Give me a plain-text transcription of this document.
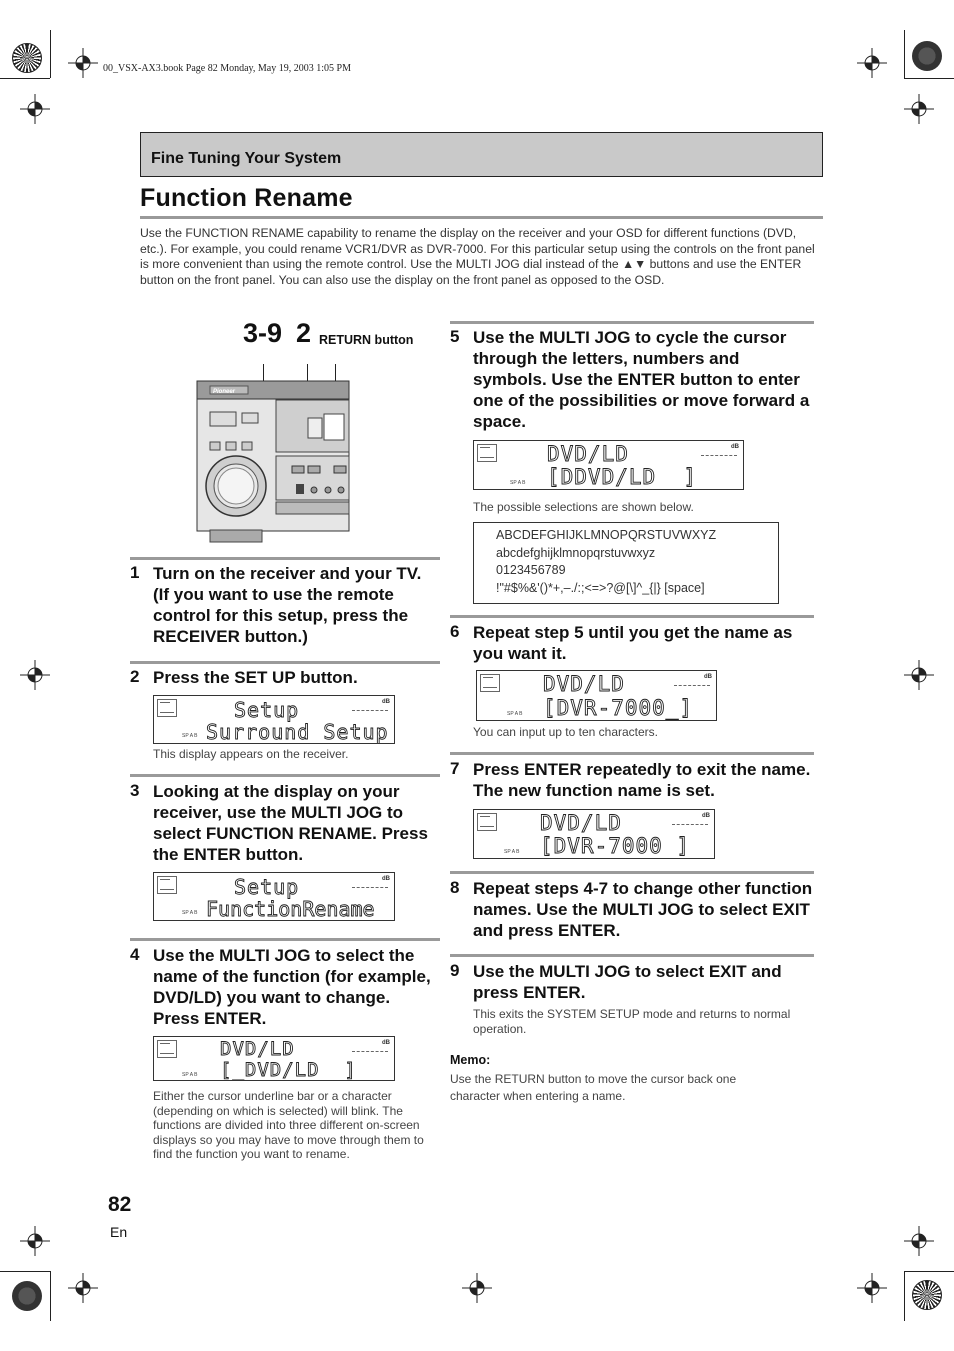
00_VSX-AX3.book Page 82 Monday, May 19, 2003 1:05 PM
Fine Tuning Your System
Function Rename
Use the FUNCTION RENAME capability to rename the display on the receiver and your OSD for different functions (DVD, etc.). For example, you could rename VCR1/DVR as DVR-7000. For this particular setup using the controls on the front panel is more convenient than using the remote control. Use the MULTI JOG dial instead of the ▲▼ buttons and use the ENTER button on the front panel. You can also use the display on the front panel as opposed to the OSD.
3-9 2 RETURN button
Pioneer
1 Turn on the receiver and your TV. (If you want to use the remote control for this setup, press the RECEIVER button.)
2 Press the SET UP button.
dB
SP A B
Setup
Surround Setup
This display appears on the receiver.
3 Looking at the display on your receiver, use the MULTI JOG to select FUNCTION RENAME. Press the ENTER button.
dB
SP A B
Setup
FunctionRename
4 Use the MULTI JOG to select the name of the function (for example, DVD/LD) you want to change. Press ENTER.
dB
SP A B
DVD/LD
[_DVD/LD  ]
Either the cursor underline bar or a character (depending on which is selected) will blink. The functions are divided into three different on-screen displays so you may have to move through them to find the function you want to rename.
5 Use the MULTI JOG to cycle the cursor through the letters, numbers and symbols. Use the ENTER button to enter one of the possibilities or move forward a space.
dB
SP A B
DVD/LD
[DDVD/LD  ]
The possible selections are shown below.
ABCDEFGHIJKLMNOPQRSTUVWXYZ
abcdefghijklmnopqrstuvwxyz
0123456789
!"#$%&'()*+,–./:;<=>?@[\]^_{|} [space]
6 Repeat step 5 until you get the name as you want it.
dB
SP A B
DVD/LD
[DVR-7000_]
You can input up to ten characters.
7 Press ENTER repeatedly to exit the name. The new function name is set.
dB
SP A B
DVD/LD
[DVR-7000 ]
8 Repeat steps 4-7 to change other function names. Use the MULTI JOG to select EXIT and press ENTER.
9 Use the MULTI JOG to select EXIT and press ENTER.
This exits the SYSTEM SETUP mode and returns to normal operation.
Memo:
Use the RETURN button to move the cursor back one character when entering a name.
82
En
